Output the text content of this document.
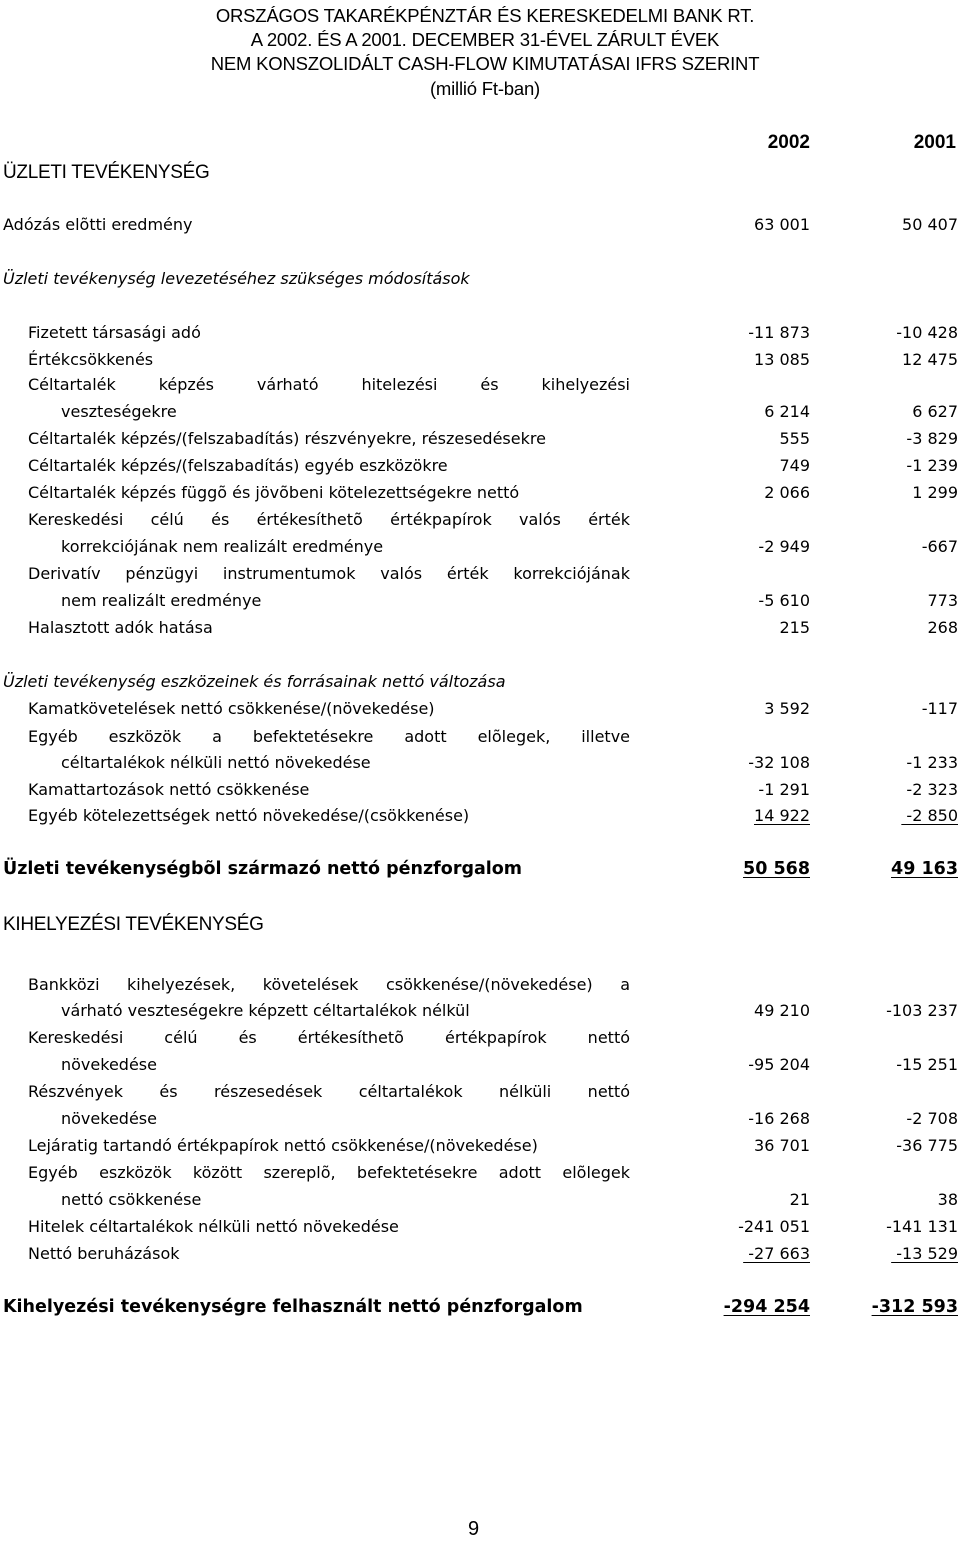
ORSZÁGOS TAKARÉKPÉNZTÁR ÉS KERESKEDELMI BANK RT.
A 2002. ÉS A 2001. DECEMBER 31-ÉVEL ZÁRULT ÉVEK
NEM KONSZOLIDÁLT CASH-FLOW KIMUTATÁSAI IFRS SZERINT
(millió Ft-ban)
2002	2001
ÜZLETI TEVÉKENYSÉG
Adózás elõtti eredmény	63 001	50 407
Üzleti tevékenység levezetéséhez szükséges módosítások
Fizetett társasági adó	-11 873	-10 428
Értékcsökkenés	13 085	12 475
Céltartalék képzés várható hitelezési és kihelyezési
veszteségekre	6 214	6 627
Céltartalék képzés/(felszabadítás) részvényekre, részesedésekre	555	-3 829
Céltartalék képzés/(felszabadítás) egyéb eszközökre	749	-1 239
Céltartalék képzés függõ és jövõbeni kötelezettségekre nettó	2 066	1 299
Kereskedési célú és értékesíthetõ értékpapírok valós érték
korrekciójának nem realizált eredménye	-2 949	-667
Derivatív pénzügyi instrumentumok valós érték korrekciójának
nem realizált eredménye	-5 610	773
Halasztott adók hatása	215	268
Üzleti tevékenység eszközeinek és forrásainak nettó változása
Kamatkövetelések nettó csökkenése/(növekedése)	3 592	-117
Egyéb eszközök a befektetésekre adott elõlegek, illetve
céltartalékok nélküli nettó növekedése	-32 108	-1 233
Kamattartozások nettó csökkenése	-1 291	-2 323
Egyéb kötelezettségek nettó növekedése/(csökkenése)	14 922	-2 850
Üzleti tevékenységbõl származó nettó pénzforgalom	50 568	49 163
KIHELYEZÉSI TEVÉKENYSÉG
Bankközi kihelyezések, követelések csökkenése/(növekedése) a
várható veszteségekre képzett céltartalékok nélkül	49 210	-103 237
Kereskedési célú és értékesíthetõ értékpapírok nettó
növekedése	-95 204	-15 251
Részvények és részesedések céltartalékok nélküli nettó
növekedése	-16 268	-2 708
Lejáratig tartandó értékpapírok nettó csökkenése/(növekedése)	36 701	-36 775
Egyéb eszközök között szereplõ, befektetésekre adott elõlegek
nettó csökkenése	21	38
Hitelek céltartalékok nélküli nettó növekedése	-241 051	-141 131
Nettó beruházások	-27 663	-13 529
Kihelyezési tevékenységre felhasznált nettó pénzforgalom	-294 254	-312 593
9
